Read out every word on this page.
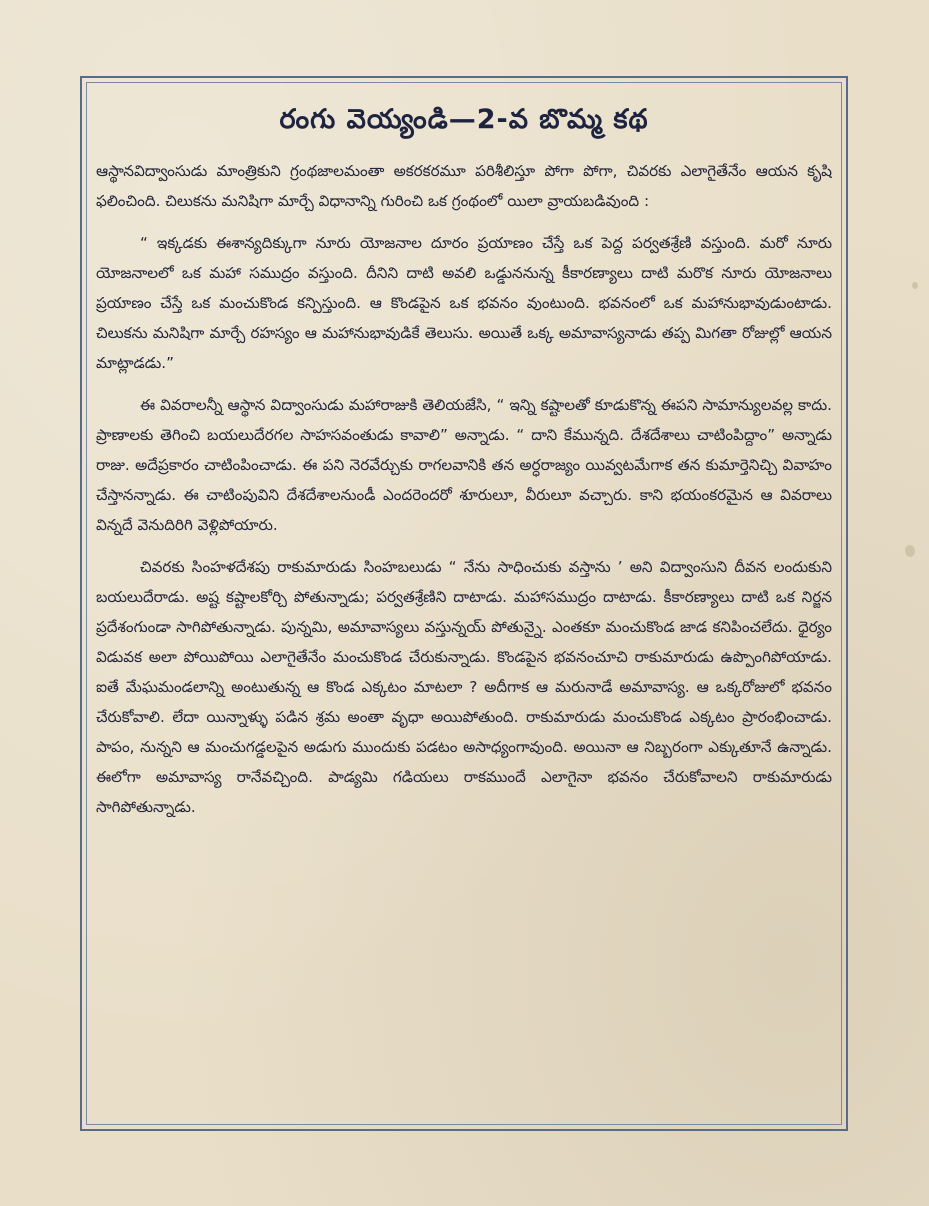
రంగు వెయ్యండి—2-వ బొమ్మ కథ

ఆస్థానవిద్వాంసుడు మాంత్రికుని గ్రంథజాలమంతా అకరకరమూ పరిశీలిస్తూ పోగా పోగా, చివరకు ఎలాగైతేనేం ఆయన కృషి ఫలించింది. చిలుకను మనిషిగా మార్చే విధానాన్ని గురించి ఒక గ్రంథంలో యిలా వ్రాయబడివుంది :

“ ఇక్కడకు ఈశాన్యదిక్కుగా నూరు యోజనాల దూరం ప్రయాణం చేస్తే ఒక పెద్ద పర్వతశ్రేణి వస్తుంది. మరో నూరు యోజనాలలో ఒక మహా సముద్రం వస్తుంది. దీనిని దాటి అవలి ఒడ్డుననున్న కీకారణ్యాలు దాటి మరొక నూరు యోజనాలు ప్రయాణం చేస్తే ఒక మంచుకొండ కన్పిస్తుంది. ఆ కొండపైన ఒక భవనం వుంటుంది. భవనంలో ఒక మహానుభావుడుంటాడు. చిలుకను మనిషిగా మార్చే రహస్యం ఆ మహానుభావుడికే తెలుసు. అయితే ఒక్క అమావాస్యనాడు తప్ప మిగతా రోజుల్లో ఆయన మాట్లాడడు.”

ఈ వివరాలన్నీ ఆస్థాన విద్వాంసుడు మహారాజుకి తెలియజేసి, “ ఇన్ని కష్టాలతో కూడుకొన్న ఈపని సామాన్యులవల్ల కాదు. ప్రాణాలకు తెగించి బయలుదేరగల సాహసవంతుడు కావాలి” అన్నాడు. “ దాని కేమున్నది. దేశదేశాలు చాటింపిద్దాం” అన్నాడు రాజు. అదేప్రకారం చాటింపించాడు. ఈ పని నెరవేర్చుకు రాగలవానికి తన అర్ధరాజ్యం యివ్వటమేగాక తన కుమార్తెనిచ్చి వివాహం చేస్తానన్నాడు. ఈ చాటింపువిని దేశదేశాలనుండీ ఎందరెందరో శూరులూ, వీరులూ వచ్చారు. కాని భయంకరమైన ఆ వివరాలు విన్నదే వెనుదిరిగి వెళ్లిపోయారు.

చివరకు సింహళదేశపు రాకుమారుడు సింహబలుడు “ నేను సాధించుకు వస్తాను ’ అని విద్వాంసుని దీవన లందుకుని బయలుదేరాడు. అష్ట కష్టాలకోర్చి పోతున్నాడు; పర్వతశ్రేణిని దాటాడు. మహాసముద్రం దాటాడు. కీకారణ్యాలు దాటి ఒక నిర్జన ప్రదేశంగుండా సాగిపోతున్నాడు. పున్నమి, అమావాస్యలు వస్తున్నయ్ పోతున్నై. ఎంతకూ మంచుకొండ జాడ కనిపించలేదు. ధైర్యం విడువక అలా పోయిపోయి ఎలాగైతేనేం మంచుకొండ చేరుకున్నాడు. కొండపైన భవనంచూచి రాకుమారుడు ఉప్పొంగిపోయాడు. ఐతే మేఘమండలాన్ని అంటుతున్న ఆ కొండ ఎక్కటం మాటలా ? అదీగాక ఆ మరునాడే అమావాస్య. ఆ ఒక్కరోజులో భవనం చేరుకోవాలి. లేదా యిన్నాళ్ళు పడిన శ్రమ అంతా వృధా అయిపోతుంది. రాకుమారుడు మంచుకొండ ఎక్కటం ప్రారంభించాడు. పాపం, నున్నని ఆ మంచుగడ్డలపైన అడుగు ముందుకు పడటం అసాధ్యంగావుంది. అయినా ఆ నిబ్బరంగా ఎక్కుతూనే ఉన్నాడు. ఈలోగా అమావాస్య రానేవచ్చింది. పాడ్యమి గడియలు రాకముందే ఎలాగైనా భవనం చేరుకోవాలని రాకుమారుడు సాగిపోతున్నాడు.
